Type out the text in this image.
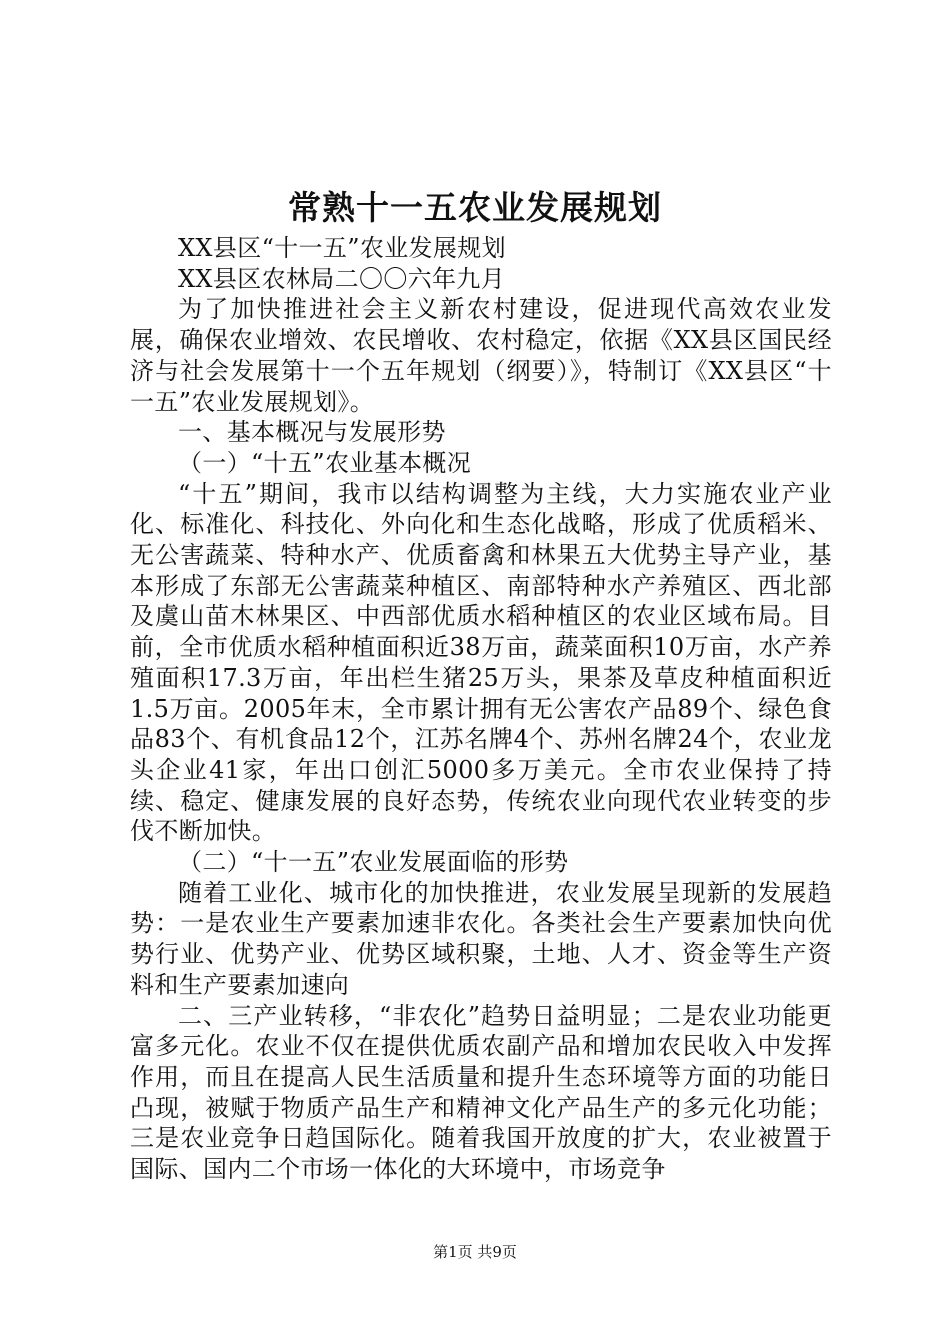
常熟十一五农业发展规划

XX县区“十一五”农业发展规划

XX县区农林局二〇〇六年九月

为了加快推进社会主义新农村建设，促进现代高效农业发展，确保农业增效、农民增收、农村稳定，依据《XX县区国民经济与社会发展第十一个五年规划（纲要）》，特制订《XX县区“十一五”农业发展规划》。

一、基本概况与发展形势

（一）“十五”农业基本概况

“十五”期间，我市以结构调整为主线，大力实施农业产业化、标准化、科技化、外向化和生态化战略，形成了优质稻米、无公害蔬菜、特种水产、优质畜禽和林果五大优势主导产业，基本形成了东部无公害蔬菜种植区、南部特种水产养殖区、西北部及虞山苗木林果区、中西部优质水稻种植区的农业区域布局。目前，全市优质水稻种植面积近38万亩，蔬菜面积10万亩，水产养殖面积17.3万亩，年出栏生猪25万头，果茶及草皮种植面积近1.5万亩。2005年末，全市累计拥有无公害农产品89个、绿色食品83个、有机食品12个，江苏名牌4个、苏州名牌24个，农业龙头企业41家，年出口创汇5000多万美元。全市农业保持了持续、稳定、健康发展的良好态势，传统农业向现代农业转变的步伐不断加快。

（二）“十一五”农业发展面临的形势

随着工业化、城市化的加快推进，农业发展呈现新的发展趋势：一是农业生产要素加速非农化。各类社会生产要素加快向优势行业、优势产业、优势区域积聚，土地、人才、资金等生产资料和生产要素加速向

二、三产业转移，“非农化”趋势日益明显；二是农业功能更富多元化。农业不仅在提供优质农副产品和增加农民收入中发挥作用，而且在提高人民生活质量和提升生态环境等方面的功能日凸现，被赋于物质产品生产和精神文化产品生产的多元化功能；三是农业竞争日趋国际化。随着我国开放度的扩大，农业被置于国际、国内二个市场一体化的大环境中，市场竞争

第1页 共9页
